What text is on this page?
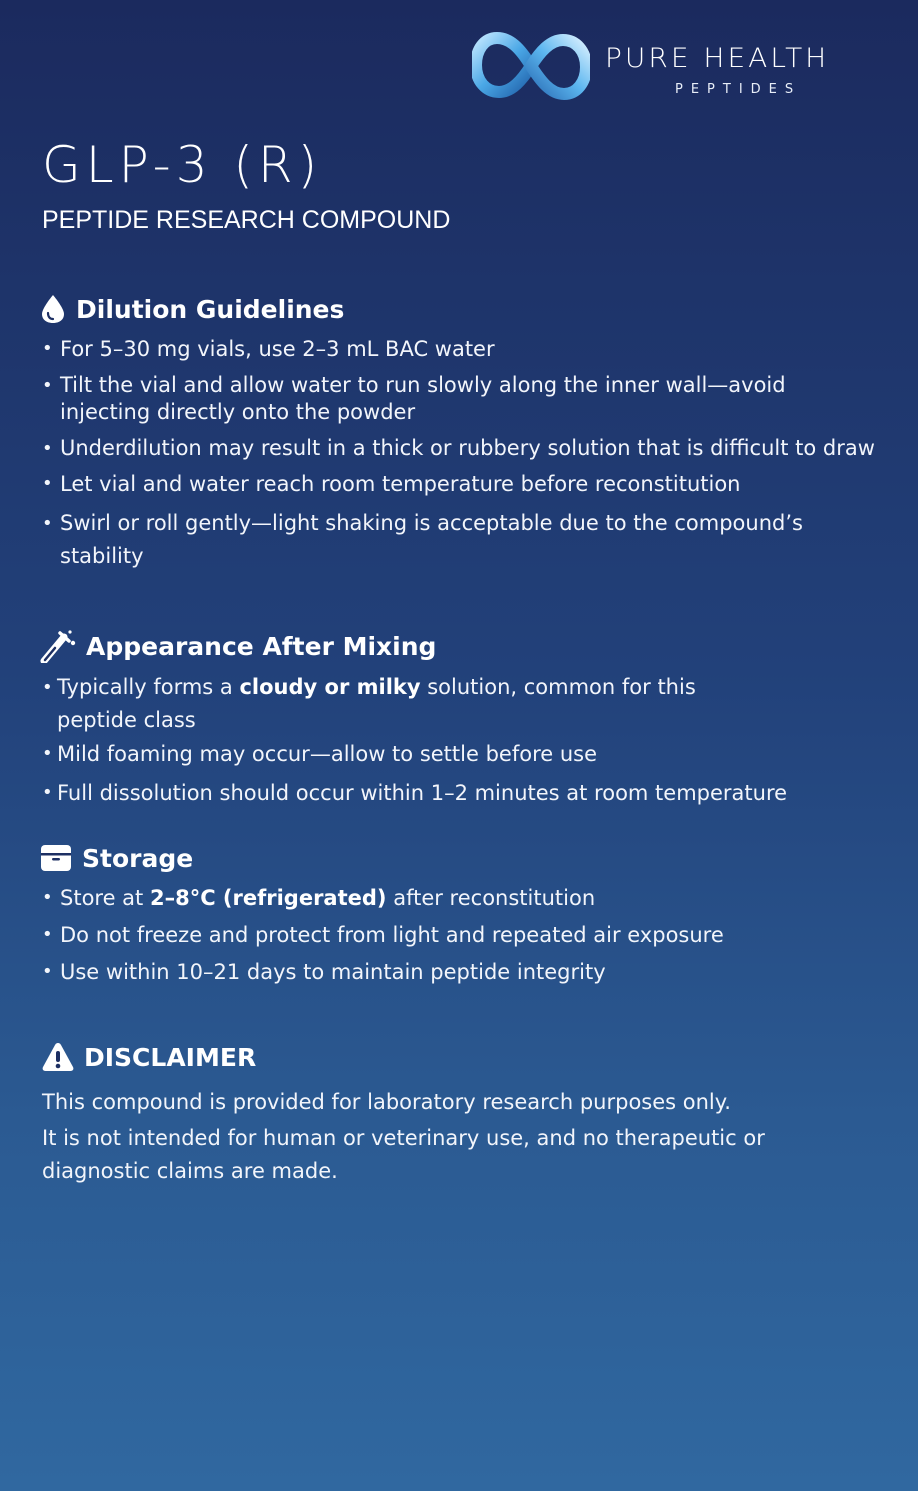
PURE HEALTH
PEPTIDES
GLP-3 (R)
PEPTIDE RESEARCH COMPOUND
Dilution Guidelines
• For 5–30 mg vials, use 2–3 mL BAC water
• Tilt the vial and allow water to run slowly along the inner wall—avoid injecting directly onto the powder
• Underdilution may result in a thick or rubbery solution that is difficult to draw
• Let vial and water reach room temperature before reconstitution
• Swirl or roll gently—light shaking is acceptable due to the compound’s stability
Appearance After Mixing
• Typically forms a cloudy or milky solution, common for this peptide class
• Mild foaming may occur—allow to settle before use
• Full dissolution should occur within 1–2 minutes at room temperature
Storage
• Store at 2–8°C (refrigerated) after reconstitution
• Do not freeze and protect from light and repeated air exposure
• Use within 10–21 days to maintain peptide integrity
DISCLAIMER
This compound is provided for laboratory research purposes only.
It is not intended for human or veterinary use, and no therapeutic or diagnostic claims are made.
